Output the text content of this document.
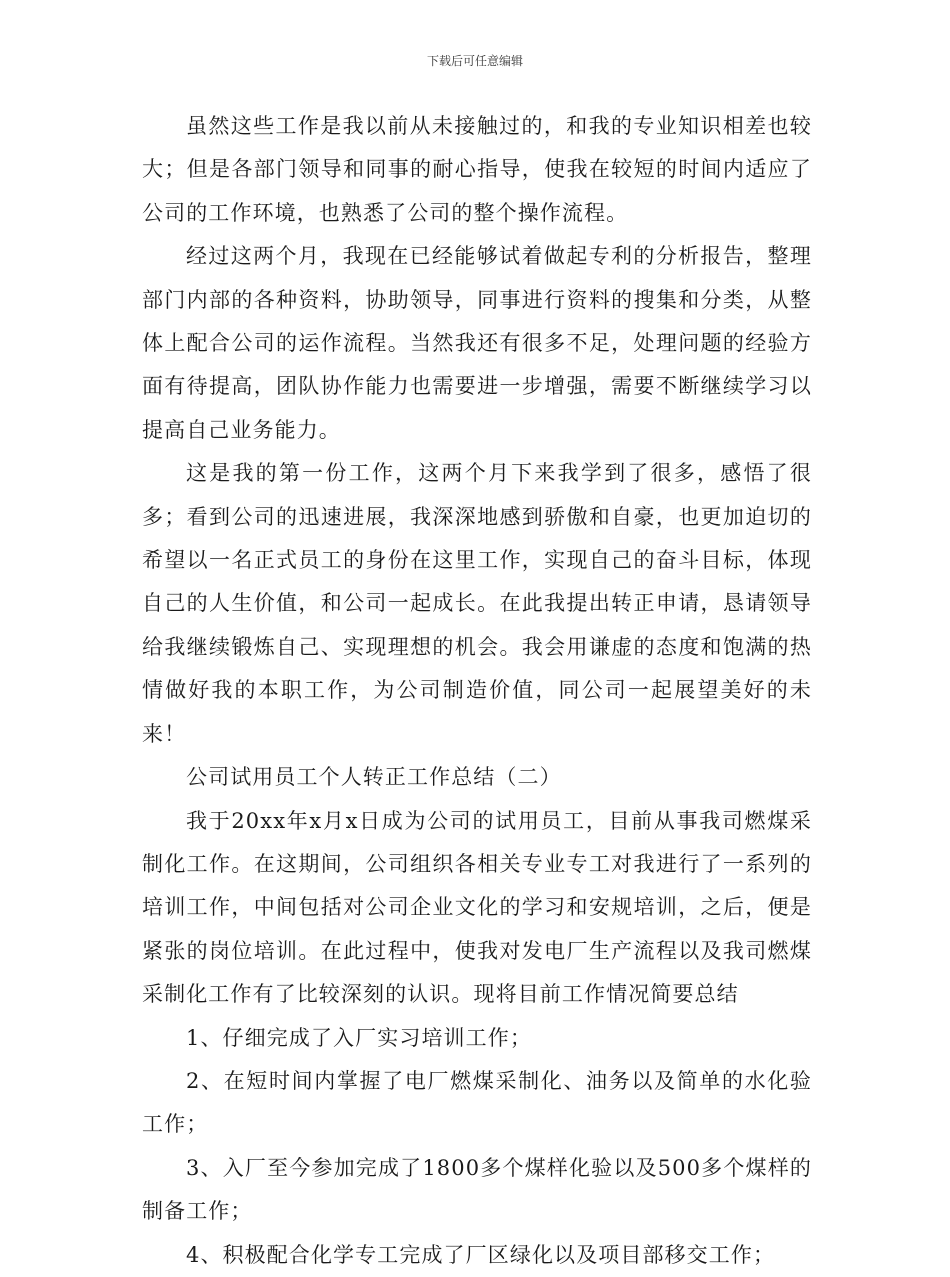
下载后可任意编辑

虽然这些工作是我以前从未接触过的，和我的专业知识相差也较大；但是各部门领导和同事的耐心指导，使我在较短的时间内适应了公司的工作环境，也熟悉了公司的整个操作流程。

经过这两个月，我现在已经能够试着做起专利的分析报告，整理部门内部的各种资料，协助领导，同事进行资料的搜集和分类，从整体上配合公司的运作流程。当然我还有很多不足，处理问题的经验方面有待提高，团队协作能力也需要进一步增强，需要不断继续学习以提高自己业务能力。

这是我的第一份工作，这两个月下来我学到了很多，感悟了很多；看到公司的迅速进展，我深深地感到骄傲和自豪，也更加迫切的希望以一名正式员工的身份在这里工作，实现自己的奋斗目标，体现自己的人生价值，和公司一起成长。在此我提出转正申请，恳请领导给我继续锻炼自己、实现理想的机会。我会用谦虚的态度和饱满的热情做好我的本职工作，为公司制造价值，同公司一起展望美好的未来！

公司试用员工个人转正工作总结（二）

我于20xx年x月x日成为公司的试用员工，目前从事我司燃煤采制化工作。在这期间，公司组织各相关专业专工对我进行了一系列的培训工作，中间包括对公司企业文化的学习和安规培训，之后，便是紧张的岗位培训。在此过程中，使我对发电厂生产流程以及我司燃煤采制化工作有了比较深刻的认识。现将目前工作情况简要总结

1、仔细完成了入厂实习培训工作；

2、在短时间内掌握了电厂燃煤采制化、油务以及简单的水化验工作；

3、入厂至今参加完成了1800多个煤样化验以及500多个煤样的制备工作；

4、积极配合化学专工完成了厂区绿化以及项目部移交工作；
